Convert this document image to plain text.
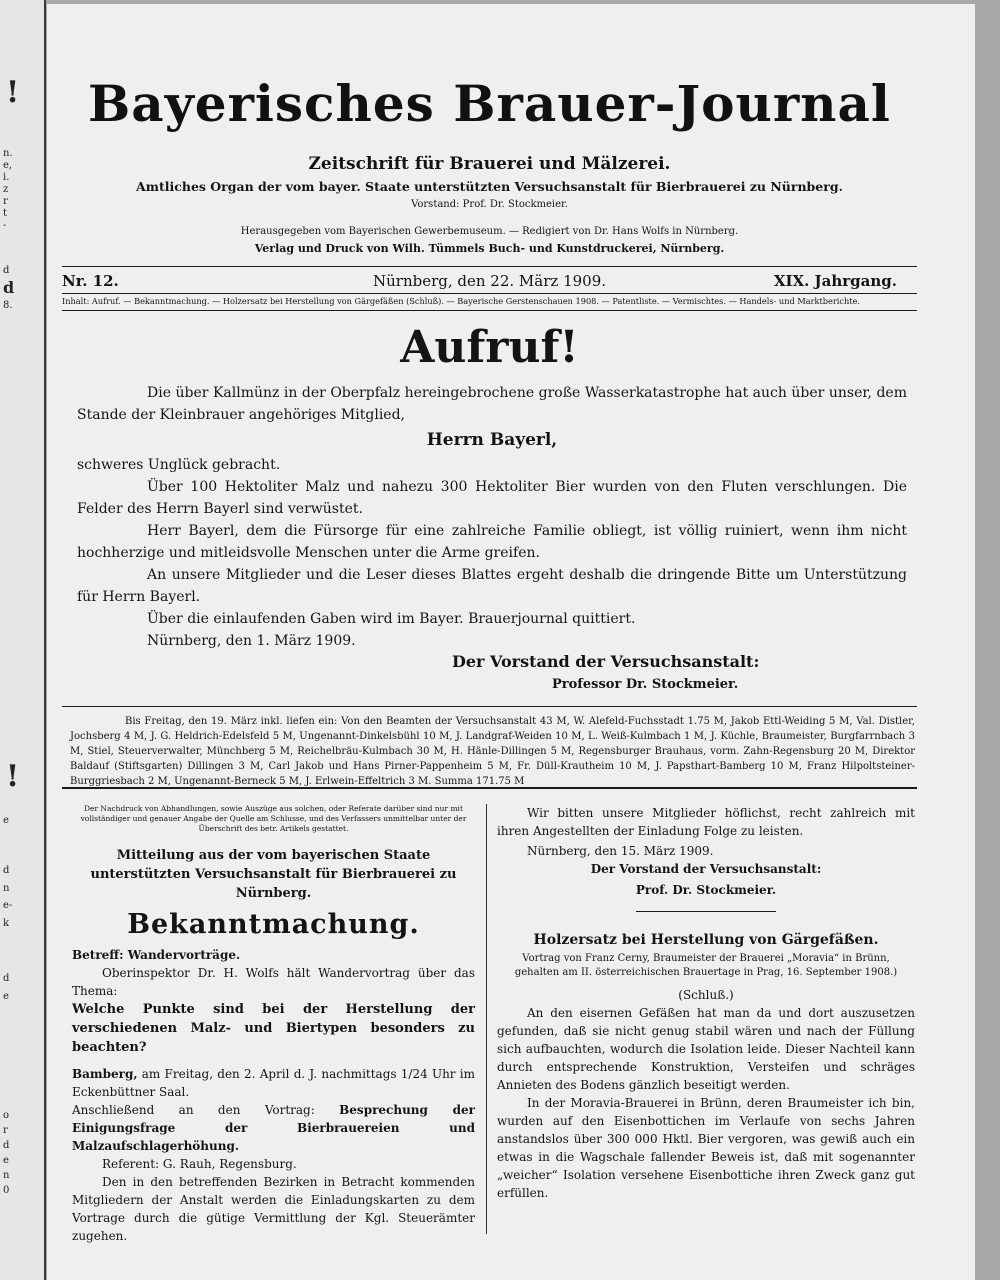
!
n.
e,
i.
z
r
t
-
d
d
8.
!
e
d
n
e-
k
d
e
o
r
d
e
n
0
Bayerisches Brauer-Journal
Zeitschrift für Brauerei und Mälzerei.
Amtliches Organ der vom bayer. Staate unterstützten Versuchsanstalt für Bierbrauerei zu Nürnberg.
Vorstand: Prof. Dr. Stockmeier.
Herausgegeben vom Bayerischen Gewerbemuseum. — Redigiert von Dr. Hans Wolfs in Nürnberg.
Verlag und Druck von Wilh. Tümmels Buch- und Kunstdruckerei, Nürnberg.
Nr. 12.	Nürnberg, den 22. März 1909.	XIX. Jahrgang.
Inhalt: Aufruf. — Bekanntmachung. — Holzersatz bei Herstellung von Gärgefäßen (Schluß). — Bayerische Gerstenschauen 1908. — Patentliste. — Vermischtes. — Handels- und Marktberichte.
Aufruf!

Die über Kallmünz in der Oberpfalz hereingebrochene große Wasserkatastrophe hat auch über unser, dem Stande der Kleinbrauer angehöriges Mitglied,

Herrn Bayerl,

schweres Unglück gebracht.

Über 100 Hektoliter Malz und nahezu 300 Hektoliter Bier wurden von den Fluten verschlungen. Die Felder des Herrn Bayerl sind verwüstet.

Herr Bayerl, dem die Fürsorge für eine zahlreiche Familie obliegt, ist völlig ruiniert, wenn ihm nicht hochherzige und mitleidsvolle Menschen unter die Arme greifen.

An unsere Mitglieder und die Leser dieses Blattes ergeht deshalb die dringende Bitte um Unterstützung für Herrn Bayerl.

Über die einlaufenden Gaben wird im Bayer. Brauerjournal quittiert.

Nürnberg, den 1. März 1909.

Der Vorstand der Versuchsanstalt:
Professor Dr. Stockmeier.

Bis Freitag, den 19. März inkl. liefen ein: Von den Beamten der Versuchsanstalt 43 M, W. Alefeld-Fuchsstadt 1.75 M, Jakob Ettl-Weiding 5 M, Val. Distler, Jochsberg 4 M, J. G. Heldrich-Edelsfeld 5 M, Ungenannt-Dinkelsbühl 10 M, J. Landgraf-Weiden 10 M, L. Weiß-Kulmbach 1 M, J. Küchle, Braumeister, Burgfarrnbach 3 M, Stiel, Steuerverwalter, Münchberg 5 M, Reichelbräu-Kulmbach 30 M, H. Hänle-Dillingen 5 M, Regensburger Brauhaus, vorm. Zahn-Regensburg 20 M, Direktor Baldauf (Stiftsgarten) Dillingen 3 M, Carl Jakob und Hans Pirner-Pappenheim 5 M, Fr. Düll-Krautheim 10 M, J. Papsthart-Bamberg 10 M, Franz Hilpoltsteiner-Burggriesbach 2 M, Ungenannt-Berneck 5 M, J. Erlwein-Effeltrich 3 M. Summa 171.75 M

Der Nachdruck von Abhandlungen, sowie Auszüge aus solchen, oder Referate darüber sind nur mit vollständiger und genauer Angabe der Quelle am Schlusse, und des Verfassers unmittelbar unter der Überschrift des betr. Artikels gestattet.
Mitteilung aus der vom bayerischen Staate unterstützten Versuchsanstalt für Bierbrauerei zu Nürnberg.
Bekanntmachung.

Betreff: Wandervorträge.

Oberinspektor Dr. H. Wolfs hält Wandervortrag über das Thema:

Welche Punkte sind bei der Herstellung der verschiedenen Malz- und Biertypen besonders zu beachten?

Bamberg, am Freitag, den 2. April d. J. nachmittags 1/24 Uhr im Eckenbüttner Saal.

Anschließend an den Vortrag: Besprechung der Einigungsfrage der Bierbrauereien und Malzaufschlagerhöhung.

Referent: G. Rauh, Regensburg.

Den in den betreffenden Bezirken in Betracht kommenden Mitgliedern der Anstalt werden die Einladungskarten zu dem Vortrage durch die gütige Vermittlung der Kgl. Steuerämter zugehen.

Wir bitten unsere Mitglieder höflichst, recht zahlreich mit ihren Angestellten der Einladung Folge zu leisten.

Nürnberg, den 15. März 1909.

Der Vorstand der Versuchsanstalt:

Prof. Dr. Stockmeier.

Holzersatz bei Herstellung von Gärgefäßen.
Vortrag von Franz Cerny, Braumeister der Brauerei „Moravia“ in Brünn, gehalten am II. österreichischen Brauertage in Prag, 16. September 1908.)

(Schluß.)

An den eisernen Gefäßen hat man da und dort auszusetzen gefunden, daß sie nicht genug stabil wären und nach der Füllung sich aufbauchten, wodurch die Isolation leide. Dieser Nachteil kann durch entsprechende Konstruktion, Versteifen und schräges Annieten des Bodens gänzlich beseitigt werden.

In der Moravia-Brauerei in Brünn, deren Braumeister ich bin, wurden auf den Eisenbottichen im Verlaufe von sechs Jahren anstandslos über 300 000 Hktl. Bier vergoren, was gewiß auch ein etwas in die Wagschale fallender Beweis ist, daß mit sogenannter „weicher“ Isolation versehene Eisenbottiche ihren Zweck ganz gut erfüllen.
